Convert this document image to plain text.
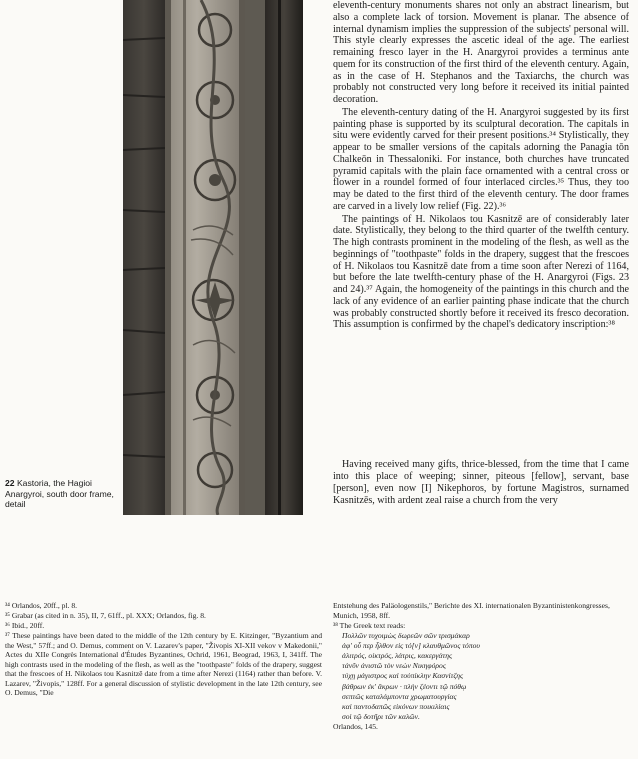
22 Kastoria, the Hagioi Anargyroi, south door frame, detail

eleventh-century monuments shares not only an abstract linearism, but also a complete lack of torsion. Movement is planar. The absence of internal dynamism implies the suppression of the subjects' personal will. This style clearly expresses the ascetic ideal of the age. The earliest remaining fresco layer in the H. Anargyroi provides a terminus ante quem for its construction of the first third of the eleventh century. Again, as in the case of H. Stephanos and the Taxiarchs, the church was probably not constructed very long before it received its initial painted decoration.

The eleventh-century dating of the H. Anargyroi suggested by its first painting phase is supported by its sculptural decoration. The capitals in situ were evidently carved for their present positions.³⁴ Stylistically, they appear to be smaller versions of the capitals adorning the Panagia tōn Chalkeōn in Thessaloniki. For instance, both churches have truncated pyramid capitals with the plain face ornamented with a central cross or flower in a roundel formed of four interlaced circles.³⁵ Thus, they too may be dated to the first third of the eleventh century. The door frames are carved in a lively low relief (Fig. 22).³⁶

The paintings of H. Nikolaos tou Kasnitzē are of considerably later date. Stylistically, they belong to the third quarter of the twelfth century. The high contrasts prominent in the modeling of the flesh, as well as the beginnings of "toothpaste" folds in the drapery, suggest that the frescoes of H. Nikolaos tou Kasnitzē date from a time soon after Nerezi of 1164, but before the late twelfth-century phase of the H. Anargyroi (Figs. 23 and 24).³⁷ Again, the homogeneity of the paintings in this church and the lack of any evidence of an earlier painting phase indicate that the church was probably constructed shortly before it received its fresco decoration. This assumption is confirmed by the chapel's dedicatory inscription:³⁸

Having received many gifts, thrice-blessed, from the time that I came into this place of weeping; sinner, piteous [fellow], servant, base [person], even now [I] Nikephoros, by fortune Magistros, surnamed Kasnitzēs, with ardent zeal raise a church from the very

³⁴ Orlandos, 20ff., pl. 8.

³⁵ Grabar (as cited in n. 35), II, 7, 61ff., pl. XXX; Orlandos, fig. 8.

³⁶ Ibid., 20ff.

³⁷ These paintings have been dated to the middle of the 12th century by E. Kitzinger, "Byzantium and the West," 57ff.; and O. Demus, comment on V. Lazarev's paper, "Živopis XI-XII vekov v Makedonii," Actes du XIIe Congrès International d'Études Byzantines, Ochrid, 1961, Beograd, 1963, I, 341ff. The high contrasts used in the modeling of the flesh, as well as the "toothpaste" folds of the drapery, suggest that the frescoes of H. Nikolaos tou Kasnitzē date from a time after Nerezi (1164) rather than before. V. Lazarev, "Živopis," 128ff. For a general discussion of stylistic development in the late 12th century, see O. Demus, "Die

Entstehung des Paläologenstils," Berichte des XI. internationalen Byzantinistenkongresses, Munich, 1958, 8ff.

³⁸ The Greek text reads:

Πολλῶν τυχοιμὼς δωρεῶν σῶν τρισμάκαρ
ἀφ' οὗ περ ἦλθον εἰς τό[ν] κλαυθμῶνος τόπου
ἁλιτρός, οἰκτρός, λάτρις, κακεργάτης
τάνῦν ἀνιστῶ τὸν νεὼν Νικηφόρος
τύχῃ μάγιστρος καὶ τοὐπίκλην Κασνίτζης
βάθρων ἐκ' ἄκρων · πλὴν ζέοντι τῷ πόθῳ
σεπτῶς καταλάμποντα χρωματουργίας
καὶ παντοδαπῶς εἰκόνων ποικιλίαις
σοὶ τῷ δοτῆρι τῶν καλῶν.

Orlandos, 145.
